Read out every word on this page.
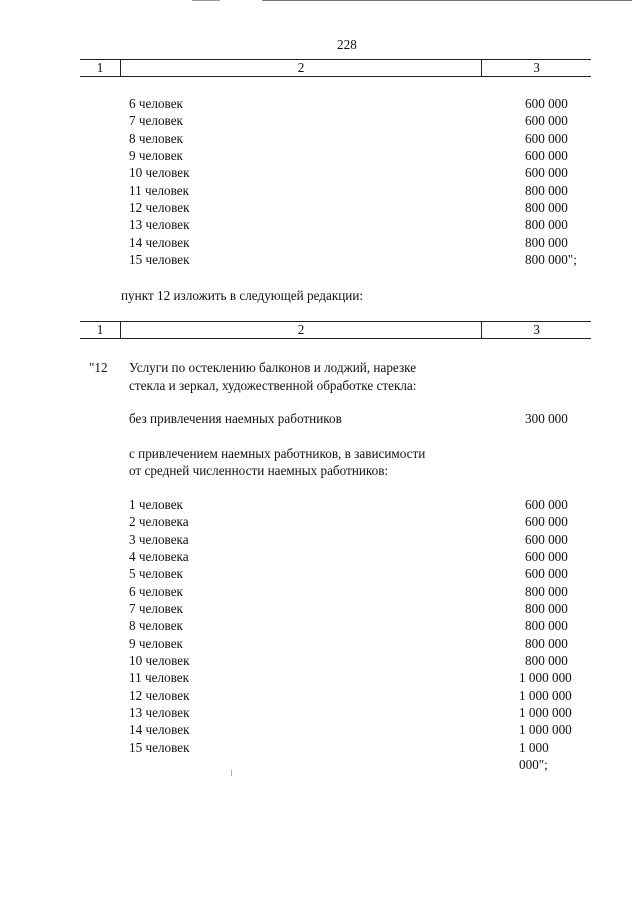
228
1	2	3
6 человек	600 000
7 человек	600 000
8 человек	600 000
9 человек	600 000
10 человек	600 000
11 человек	800 000
12 человек	800 000
13 человек	800 000
14 человек	800 000
15 человек	800 000";
пункт 12 изложить в следующей редакции:
1	2	3
"12 Услуги по остеклению балконов и лоджий, нарезке
стекла и зеркал, художественной обработке стекла:
без привлечения наемных работников	300 000
с привлечением наемных работников, в зависимости
от средней численности наемных работников:
1 человек	600 000
2 человека	600 000
3 человека	600 000
4 человека	600 000
5 человек	600 000
6 человек	800 000
7 человек	800 000
8 человек	800 000
9 человек	800 000
10 человек	800 000
11 человек	1 000 000
12 человек	1 000 000
13 человек	1 000 000
14 человек	1 000 000
15 человек	1 000 000";
